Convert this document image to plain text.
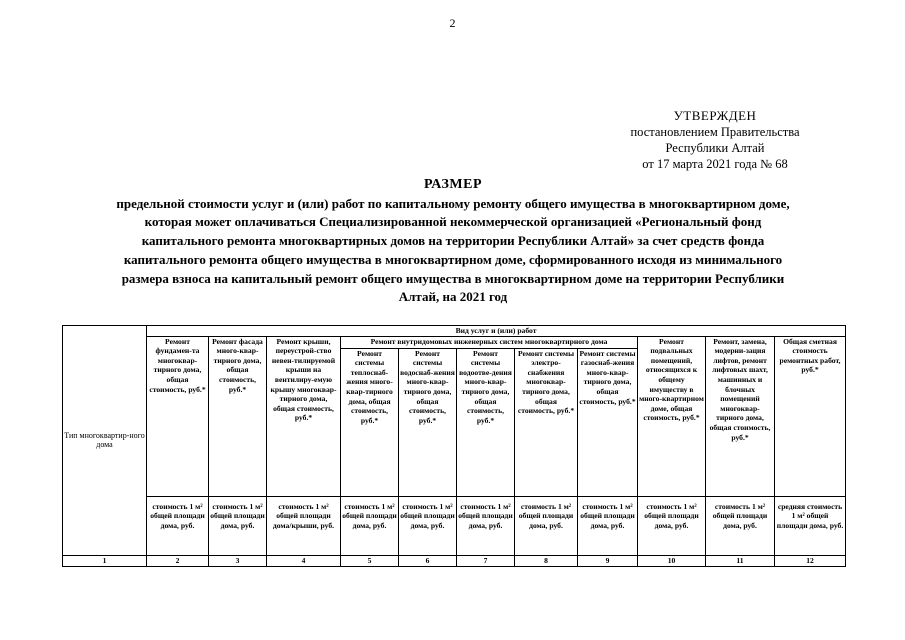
2
УТВЕРЖДЕН
постановлением Правительства
Республики Алтай
от 17 марта 2021 года № 68
РАЗМЕР
предельной стоимости услуг и (или) работ по капитальному ремонту общего имущества в многоквартирном доме,
которая может оплачиваться Специализированной некоммерческой организацией «Региональный фонд
капитального ремонта многоквартирных домов на территории Республики Алтай» за счет средств фонда
капитального ремонта общего имущества в многоквартирном доме, сформированного исходя из минимального
размера взноса на капитальный ремонт общего имущества в многоквартирном доме на территории Республики
Алтай, на 2021 год
Тип многоквартир-ного дома	Вид услуг и (или) работ										
	Ремонт фундамен-та многоквар-тирного дома, общая стоимость, руб.*	Ремонт фасада много-квар-тирного дома, общая стоимость, руб.*	Ремонт крыши, переустрой-ство невен-тилируемой крыши на вентилиру-емую крышу многоквар-тирного дома, общая стоимость, руб.*	Ремонт внутридомовых инженерных систем многоквартирного дома					Ремонт подвальных помещений, относящихся к общему имуществу в много-квартирном доме, общая стоимость, руб.*	Ремонт, замена, модерни-зация лифтов, ремонт лифтовых шахт, машинных и блочных помещений многоквар-тирного дома, общая стоимость, руб.*	Общая сметная стоимость ремонтных работ, руб.*
				Ремонт системы теплоснаб-жения много-квар-тирного дома, общая стоимость, руб.*	Ремонт системы водоснаб-жения много-квар-тирного дома, общая стоимость, руб.*	Ремонт системы водоотве-дения много-квар-тирного дома, общая стоимость, руб.*	Ремонт системы электро-снабжения многоквар-тирного дома, общая стоимость, руб.*	Ремонт системы газоснаб-жения много-квар-тирного дома, общая стоимость, руб.*			
	стоимость 1 м² общей площади дома, руб.	стоимость 1 м² общей площади дома, руб.	стоимость 1 м² общей площади дома/крыши, руб.	стоимость 1 м² общей площади дома, руб.	стоимость 1 м² общей площади дома, руб.	стоимость 1 м² общей площади дома, руб.	стоимость 1 м² общей площади дома, руб.	стоимость 1 м² общей площади дома, руб.	стоимость 1 м² общей площади дома, руб.	стоимость 1 м² общей площади дома, руб.	средняя стоимость 1 м² общей площади дома, руб.
1	2	3	4	5	6	7	8	9	10	11	12
